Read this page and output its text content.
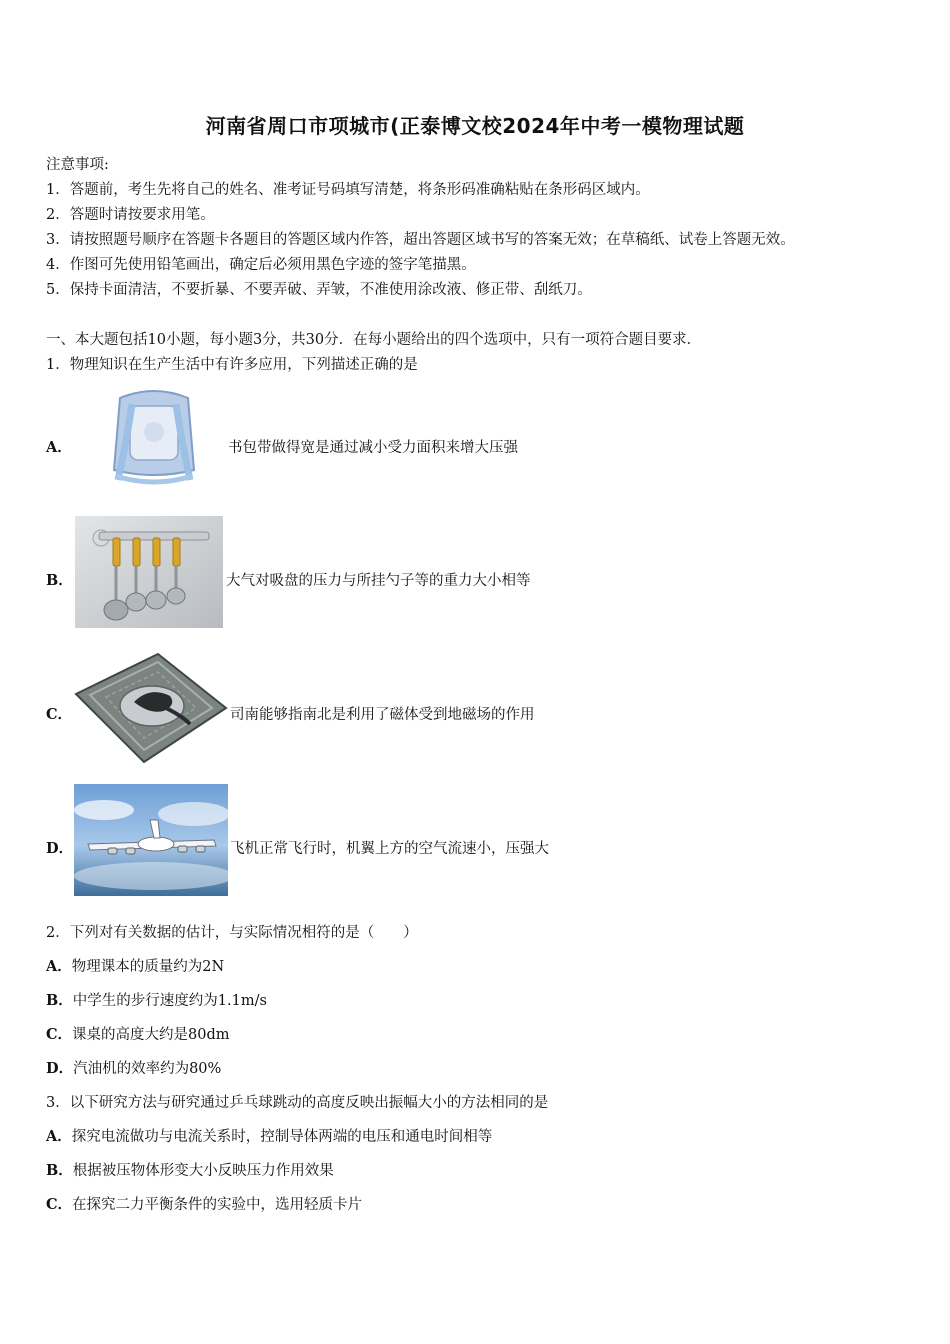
河南省周口市项城市(正泰博文校2024年中考一模物理试题
注意事项:
1．答题前，考生先将自己的姓名、准考证号码填写清楚，将条形码准确粘贴在条形码区域内。
2．答题时请按要求用笔。
3．请按照题号顺序在答题卡各题目的答题区域内作答，超出答题区域书写的答案无效；在草稿纸、试卷上答题无效。
4．作图可先使用铅笔画出，确定后必须用黑色字迹的签字笔描黑。
5．保持卡面清洁，不要折暴、不要弄破、弄皱，不准使用涂改液、修正带、刮纸刀。
一、本大题包括10小题，每小题3分，共30分．在每小题给出的四个选项中，只有一项符合题目要求．
1．物理知识在生产生活中有许多应用，下列描述正确的是
A．	书包带做得宽是通过减小受力面积来增大压强
B．	大气对吸盘的压力与所挂勺子等的重力大小相等
C．	司南能够指南北是利用了磁体受到地磁场的作用
D．	飞机正常飞行时，机翼上方的空气流速小，压强大
2．下列对有关数据的估计，与实际情况相符的是（　　）
A．物理课本的质量约为2N
B．中学生的步行速度约为1.1m/s
C．课桌的高度大约是80dm
D．汽油机的效率约为80%
3．以下研究方法与研究通过乒乓球跳动的高度反映出振幅大小的方法相同的是
A．探究电流做功与电流关系时，控制导体两端的电压和通电时间相等
B．根据被压物体形变大小反映压力作用效果
C．在探究二力平衡条件的实验中，选用轻质卡片
